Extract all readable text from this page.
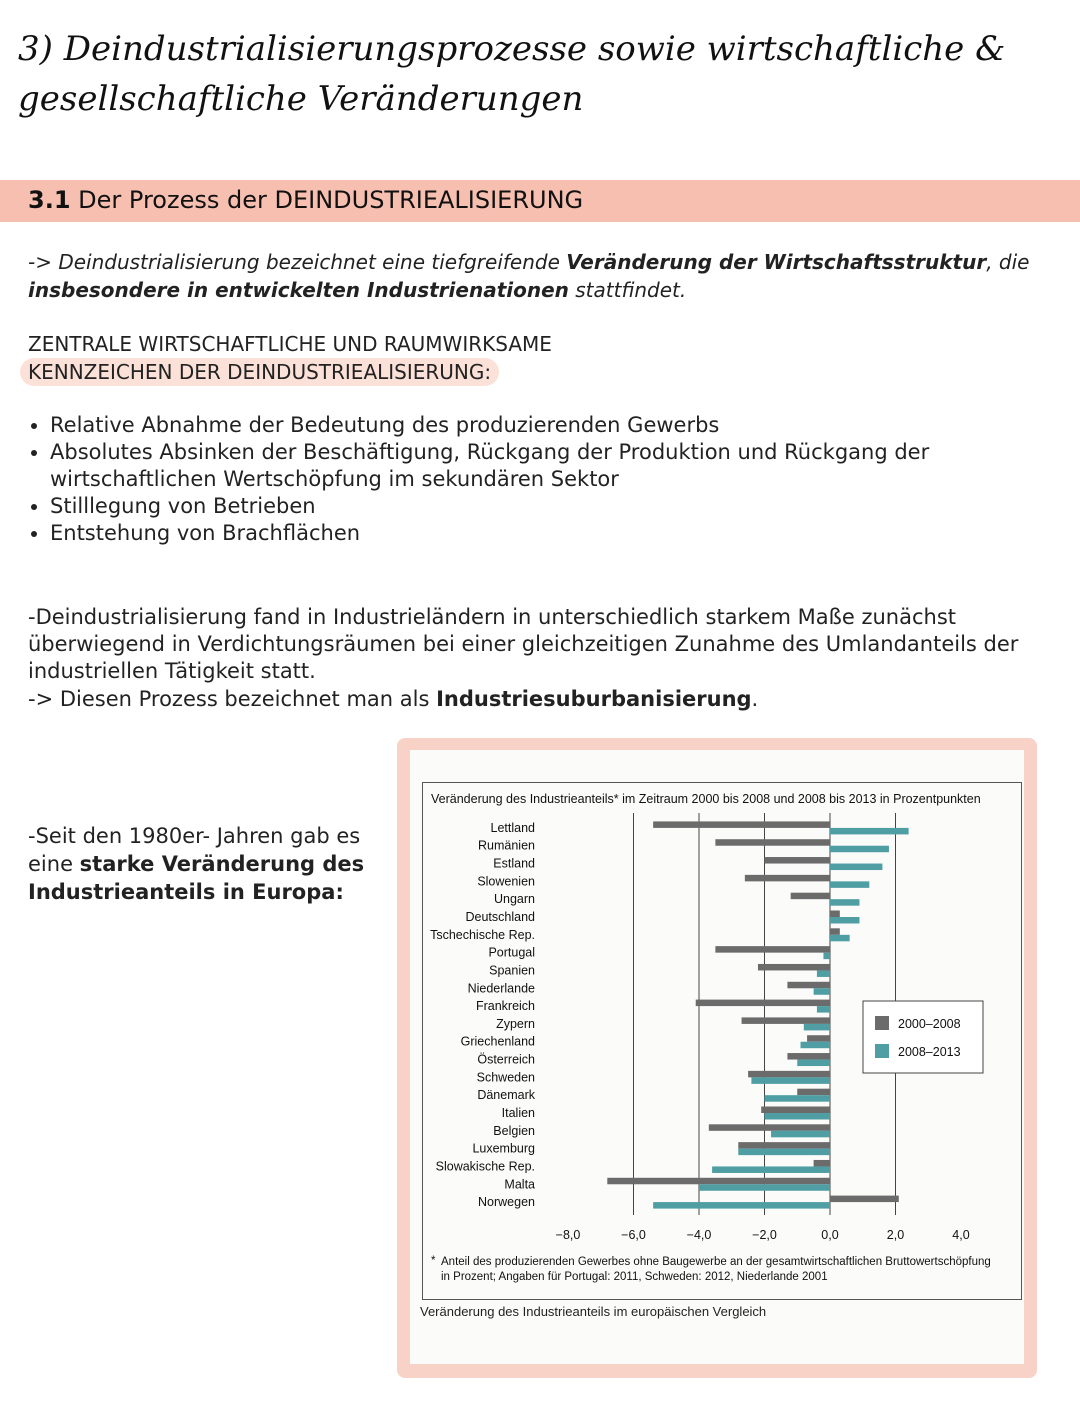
3) Deindustrialisierungsprozesse sowie wirtschaftliche &
gesellschaftliche Veränderungen
3.1 Der Prozess der DEINDUSTRIEALISIERUNG
-> Deindustrialisierung bezeichnet eine tiefgreifende Veränderung der Wirtschaftsstruktur, die insbesondere in entwickelten Industrienationen stattfindet.
ZENTRALE WIRTSCHAFTLICHE UND RAUMWIRKSAME
KENNZEICHEN DER DEINDUSTRIEALISIERUNG:
• Relative Abnahme der Bedeutung des produzierenden Gewerbs
• Absolutes Absinken der Beschäftigung, Rückgang der Produktion und Rückgang der wirtschaftlichen Wertschöpfung im sekundären Sektor
• Stilllegung von Betrieben
• Entstehung von Brachflächen
-Deindustrialisierung fand in Industrieländern in unterschiedlich starkem Maße zunächst überwiegend in Verdichtungsräumen bei einer gleichzeitigen Zunahme des Umlandanteils der industriellen Tätigkeit statt.
-> Diesen Prozess bezeichnet man als Industriesuburbanisierung.
-Seit den 1980er- Jahren gab es eine starke Veränderung des Industrieanteils in Europa:
Veränderung des Industrieanteils* im Zeitraum 2000 bis 2008 und 2008 bis 2013 in Prozentpunkten
Lettland
Rumänien
Estland
Slowenien
Ungarn
Deutschland
Tschechische Rep.
Portugal
Spanien
Niederlande
Frankreich
Zypern
Griechenland
Österreich
Schweden
Dänemark
Italien
Belgien
Luxemburg
Slowakische Rep.
Malta
Norwegen
−8,0	−6,0	−4,0	−2,0	0,0	2,0	4,0
2000–2008
2008–2013
* Anteil des produzierenden Gewerbes ohne Baugewerbe an der gesamtwirtschaftlichen Bruttowertschöpfung
in Prozent; Angaben für Portugal: 2011, Schweden: 2012, Niederlande 2001
Veränderung des Industrieanteils im europäischen Vergleich
